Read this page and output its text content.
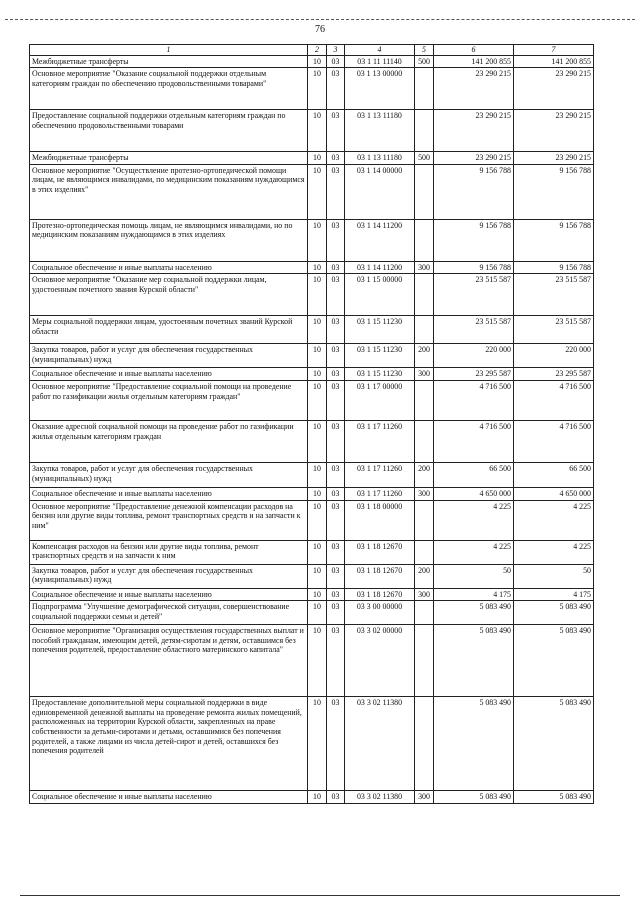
76
1	2	3	4	5	6	7
Межбюджетные трансферты	10	03	03 1 11 11140	500	141 200 855	141 200 855
Основное мероприятие "Оказание социальной поддержки отдельным категориям граждан по обеспечению продовольственными товарами"	10	03	03 1 13 00000		23 290 215	23 290 215
Предоставление социальной поддержки отдельным категориям граждан по обеспечению продовольственными товарами	10	03	03 1 13 11180		23 290 215	23 290 215
Межбюджетные трансферты	10	03	03 1 13 11180	500	23 290 215	23 290 215
Основное мероприятие "Осуществление протезно-ортопедической помощи лицам, не являющимся инвалидами, по медицинским показаниям нуждающимся в этих изделиях"	10	03	03 1 14 00000		9 156 788	9 156 788
Протезно-ортопедическая помощь лицам, не являющимся инвалидами, но по медицинским показаниям нуждающимся в этих изделиях	10	03	03 1 14 11200		9 156 788	9 156 788
Социальное обеспечение и иные выплаты населению	10	03	03 1 14 11200	300	9 156 788	9 156 788
Основное мероприятие "Оказание мер социальной поддержки лицам, удостоенным почетного звания Курской области"	10	03	03 1 15 00000		23 515 587	23 515 587
Меры социальной поддержки лицам, удостоенным почетных званий Курской области	10	03	03 1 15 11230		23 515 587	23 515 587
Закупка товаров, работ и услуг для обеспечения государственных (муниципальных) нужд	10	03	03 1 15 11230	200	220 000	220 000
Социальное обеспечение и иные выплаты населению	10	03	03 1 15 11230	300	23 295 587	23 295 587
Основное мероприятие "Предоставление социальной помощи на проведение работ по газификации жилья отдельным категориям граждан"	10	03	03 1 17 00000		4 716 500	4 716 500
Оказание адресной социальной помощи на проведение работ по газификации жилья отдельным категориям граждан	10	03	03 1 17 11260		4 716 500	4 716 500
Закупка товаров, работ и услуг для обеспечения государственных (муниципальных) нужд	10	03	03 1 17 11260	200	66 500	66 500
Социальное обеспечение и иные выплаты населению	10	03	03 1 17 11260	300	4 650 000	4 650 000
Основное мероприятие "Предоставление денежной компенсации расходов на бензин или другие виды топлива, ремонт транспортных средств и на запчасти к ним"	10	03	03 1 18 00000		4 225	4 225
Компенсация расходов на бензин или другие виды топлива, ремонт транспортных средств и на запчасти к ним	10	03	03 1 18 12670		4 225	4 225
Закупка товаров, работ и услуг для обеспечения государственных (муниципальных) нужд	10	03	03 1 18 12670	200	50	50
Социальное обеспечение и иные выплаты населению	10	03	03 1 18 12670	300	4 175	4 175
Подпрограмма "Улучшение демографической ситуации, совершенствование социальной поддержки семьи и детей"	10	03	03 3 00 00000		5 083 490	5 083 490
Основное мероприятие "Организация осуществления государственных выплат и пособий гражданам, имеющим детей, детям-сиротам и детям, оставшимся без попечения родителей, предоставление областного материнского капитала"	10	03	03 3 02 00000		5 083 490	5 083 490
Предоставление дополнительной меры социальной поддержки в виде единовременной денежной выплаты на проведение ремонта жилых помещений, расположенных на территории Курской области, закрепленных на праве собственности за детьми-сиротами и детьми, оставшимися без попечения родителей, а также лицами из числа детей-сирот и детей, оставшихся без попечения родителей	10	03	03 3 02 11380		5 083 490	5 083 490
Социальное обеспечение и иные выплаты населению	10	03	03 3 02 11380	300	5 083 490	5 083 490
